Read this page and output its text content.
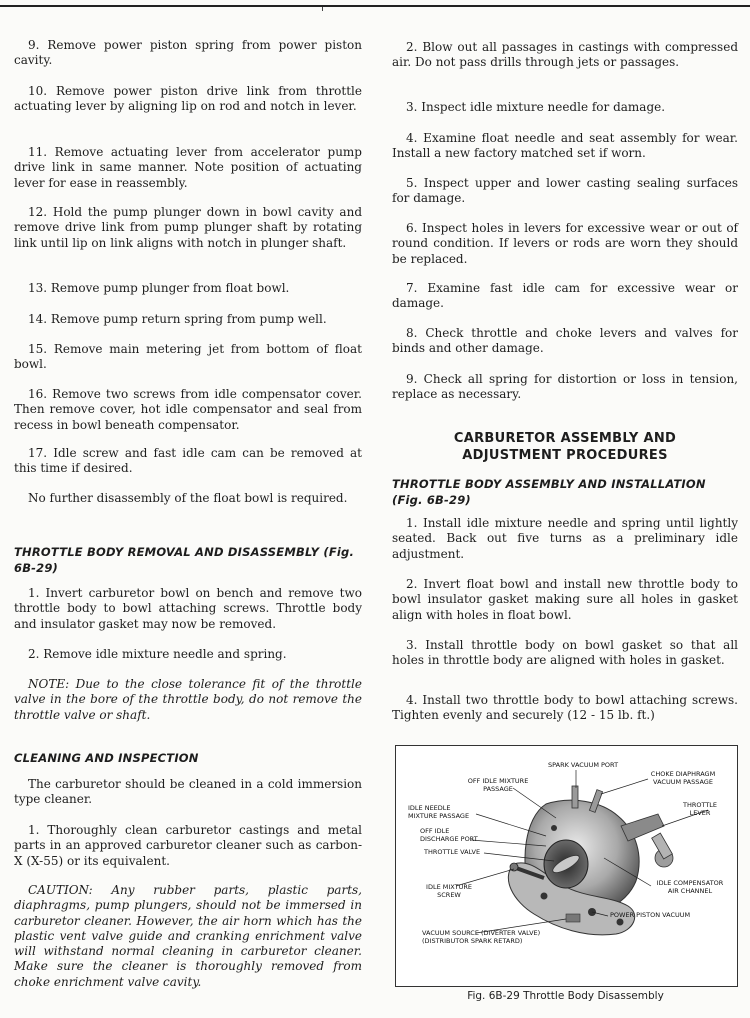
9. Remove power piston spring from power piston cavity.
10. Remove power piston drive link from throttle actuating lever by aligning lip on rod and notch in lever.
11. Remove actuating lever from accelerator pump drive link in same manner. Note position of actuating lever for ease in reassembly.
12. Hold the pump plunger down in bowl cavity and remove drive link from pump plunger shaft by rotating link until lip on link aligns with notch in plunger shaft.
13. Remove pump plunger from float bowl.
14. Remove pump return spring from pump well.
15. Remove main metering jet from bottom of float bowl.
16. Remove two screws from idle compensator cover. Then remove cover, hot idle compensator and seal from recess in bowl beneath compensator.
17. Idle screw and fast idle cam can be removed at this time if desired.
No further disassembly of the float bowl is required.
THROTTLE BODY REMOVAL AND DISASSEMBLY (Fig. 6B-29)
1. Invert carburetor bowl on bench and remove two throttle body to bowl attaching screws. Throttle body and insulator gasket may now be removed.
2. Remove idle mixture needle and spring.
NOTE: Due to the close tolerance fit of the throttle valve in the bore of the throttle body, do not remove the throttle valve or shaft.
CLEANING AND INSPECTION
The carburetor should be cleaned in a cold immersion type cleaner.
1. Thoroughly clean carburetor castings and metal parts in an approved carburetor cleaner such as carbon-X (X-55) or its equivalent.
CAUTION: Any rubber parts, plastic parts, diaphragms, pump plungers, should not be immersed in carburetor cleaner. However, the air horn which has the plastic vent valve guide and cranking enrichment valve will withstand normal cleaning in carburetor cleaner. Make sure the cleaner is thoroughly removed from choke enrichment valve cavity.
2. Blow out all passages in castings with compressed air. Do not pass drills through jets or passages.
3. Inspect idle mixture needle for damage.
4. Examine float needle and seat assembly for wear. Install a new factory matched set if worn.
5. Inspect upper and lower casting sealing surfaces for damage.
6. Inspect holes in levers for excessive wear or out of round condition. If levers or rods are worn they should be replaced.
7. Examine fast idle cam for excessive wear or damage.
8. Check throttle and choke levers and valves for binds and other damage.
9. Check all spring for distortion or loss in tension, replace as necessary.
CARBURETOR ASSEMBLY AND
ADJUSTMENT PROCEDURES
THROTTLE BODY ASSEMBLY AND INSTALLATION (Fig. 6B-29)
1. Install idle mixture needle and spring until lightly seated. Back out five turns as a preliminary idle adjustment.
2. Invert float bowl and install new throttle body to bowl insulator gasket making sure all holes in gasket align with holes in float bowl.
3. Install throttle body on bowl gasket so that all holes in throttle body are aligned with holes in gasket.
4. Install two throttle body to bowl attaching screws. Tighten evenly and securely (12 - 15 lb. ft.)
SPARK VACUUM PORT
CHOKE DIAPHRAGM VACUUM PASSAGE
OFF IDLE MIXTURE PASSAGE
THROTTLE LEVER
IDLE NEEDLE MIXTURE PASSAGE
OFF IDLE DISCHARGE PORT
THROTTLE VALVE
IDLE COMPENSATOR AIR CHANNEL
IDLE MIXTURE SCREW
POWER PISTON VACUUM
VACUUM SOURCE (DIVERTER VALVE) (DISTRIBUTOR SPARK RETARD)
Fig. 6B-29 Throttle Body Disassembly
